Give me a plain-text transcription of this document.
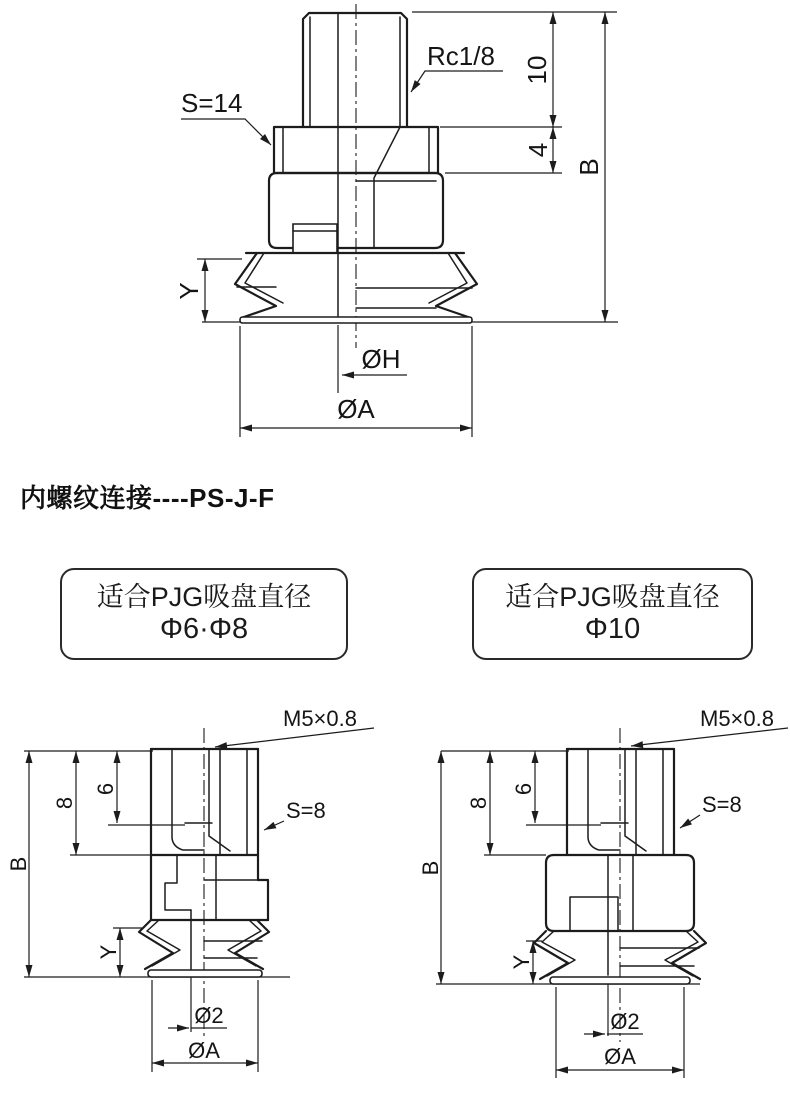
S=14
Rc1/8 10
4
B
Y
ØH
ØA
内螺纹连接----PS-J-F
适合PJG吸盘直径
Φ6·Φ8
适合PJG吸盘直径
Φ10
M5×0.8
S=8
B
8
6
Y
Ø2
ØA
M5×0.8
S=8
B
8
6
Y
Ø2
ØA
